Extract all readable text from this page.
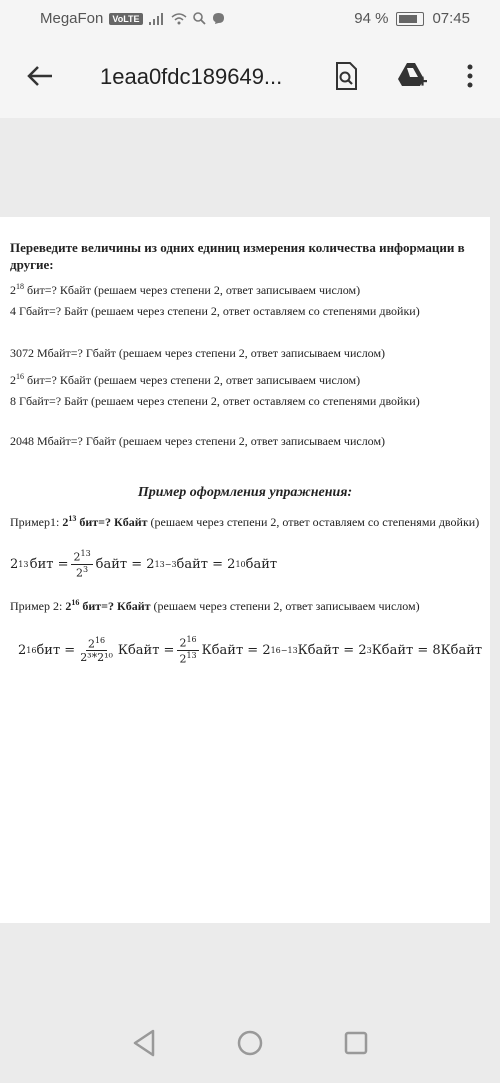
MegaFon	VoLTE	94 %	07:45
1eaa0fdc189649...
Переведите величины из одних единиц измерения количества информации в другие:
$2^{18}$ бит=? Кбайт (решаем через степени 2, ответ записываем числом)
4 Гбайт=? Байт (решаем через степени 2, ответ оставляем со степенями двойки)
3072 Мбайт=? Гбайт (решаем через степени 2, ответ записываем числом)
$2^{16}$ бит=? Кбайт (решаем через степени 2, ответ записываем числом)
8 Гбайт=? Байт (решаем через степени 2, ответ оставляем со степенями двойки)
2048 Мбайт=? Гбайт (решаем через степени 2, ответ записываем числом)
Пример оформления упражнения:
Пример1: $2^{13}$ бит=? Кбайт (решаем через степени 2, ответ оставляем со степенями двойки)
2 13
  бит = $\frac{2^{13}}{2^3}$ байт =
2 13−3 байт =
2 10 байт
Пример 2: $2^{16}$ бит=? Кбайт (решаем через степени 2, ответ записываем числом)
2 16 бит = $\frac{2^{16}}{\text{2³*2¹⁰}}$ Кбайт = $\frac{2^{16}}{2^{13}}$ Кбайт =
2 16−13 Кбайт =
2 3 Кбайт = 8Кбайт
